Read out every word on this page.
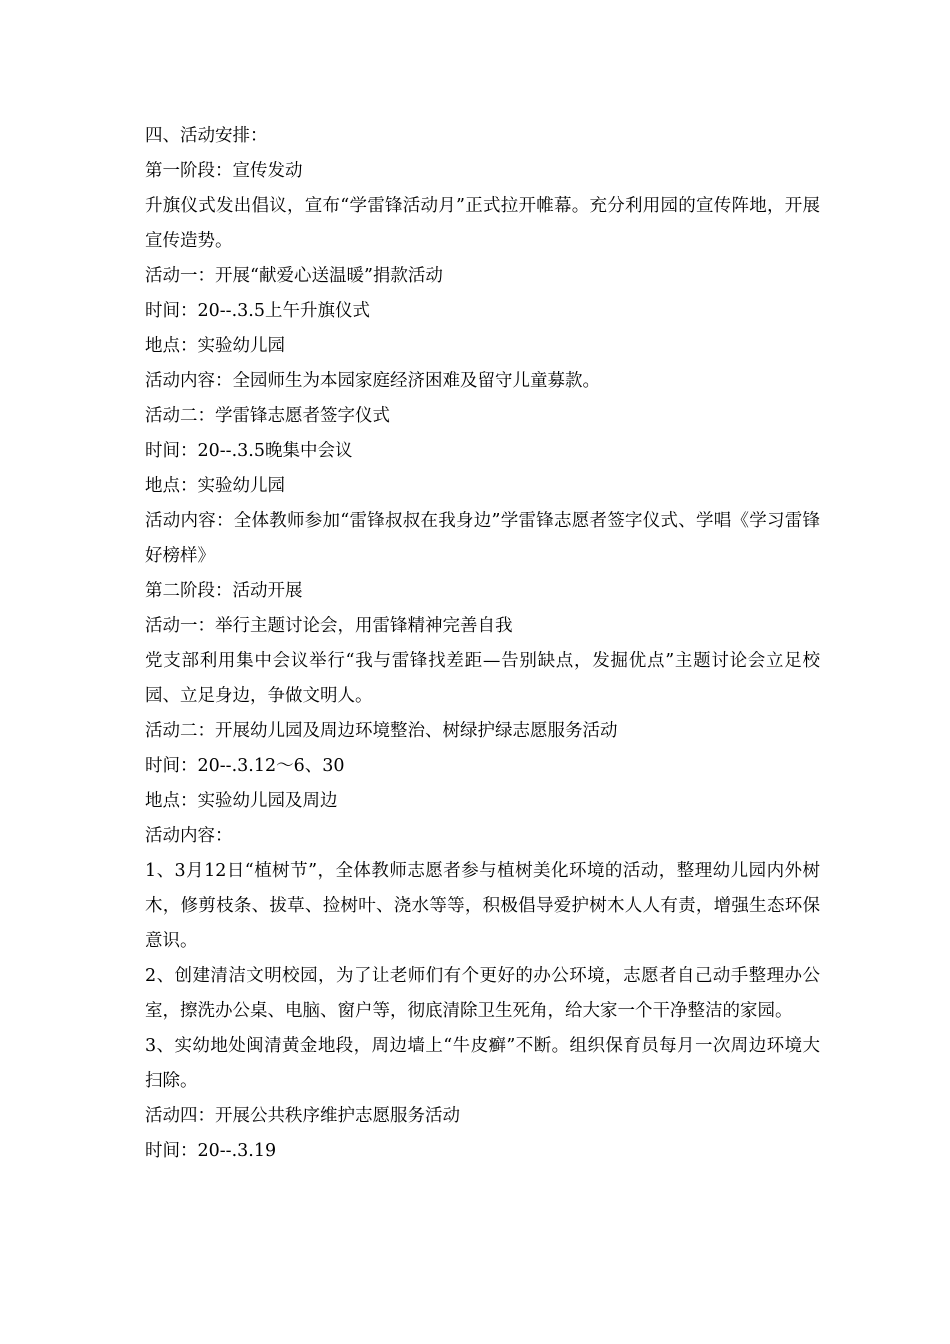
四、活动安排：

第一阶段：宣传发动

升旗仪式发出倡议，宣布“学雷锋活动月”正式拉开帷幕。充分利用园的宣传阵地，开展宣传造势。

活动一：开展“献爱心送温暖”捐款活动

时间：20--.3.5上午升旗仪式

地点：实验幼儿园

活动内容：全园师生为本园家庭经济困难及留守儿童募款。

活动二：学雷锋志愿者签字仪式

时间：20--.3.5晚集中会议

地点：实验幼儿园

活动内容：全体教师参加“雷锋叔叔在我身边”学雷锋志愿者签字仪式、学唱《学习雷锋好榜样》

第二阶段：活动开展

活动一：举行主题讨论会，用雷锋精神完善自我

党支部利用集中会议举行“我与雷锋找差距—告别缺点，发掘优点”主题讨论会立足校园、立足身边，争做文明人。

活动二：开展幼儿园及周边环境整治、树绿护绿志愿服务活动

时间：20--.3.12～6、30

地点：实验幼儿园及周边

活动内容：

1、3月12日“植树节”，全体教师志愿者参与植树美化环境的活动，整理幼儿园内外树木，修剪枝条、拔草、捡树叶、浇水等等，积极倡导爱护树木人人有责，增强生态环保意识。

2、创建清洁文明校园，为了让老师们有个更好的办公环境，志愿者自己动手整理办公室，擦洗办公桌、电脑、窗户等，彻底清除卫生死角，给大家一个干净整洁的家园。

3、实幼地处闽清黄金地段，周边墙上“牛皮癣”不断。组织保育员每月一次周边环境大扫除。

活动四：开展公共秩序维护志愿服务活动

时间：20--.3.19
